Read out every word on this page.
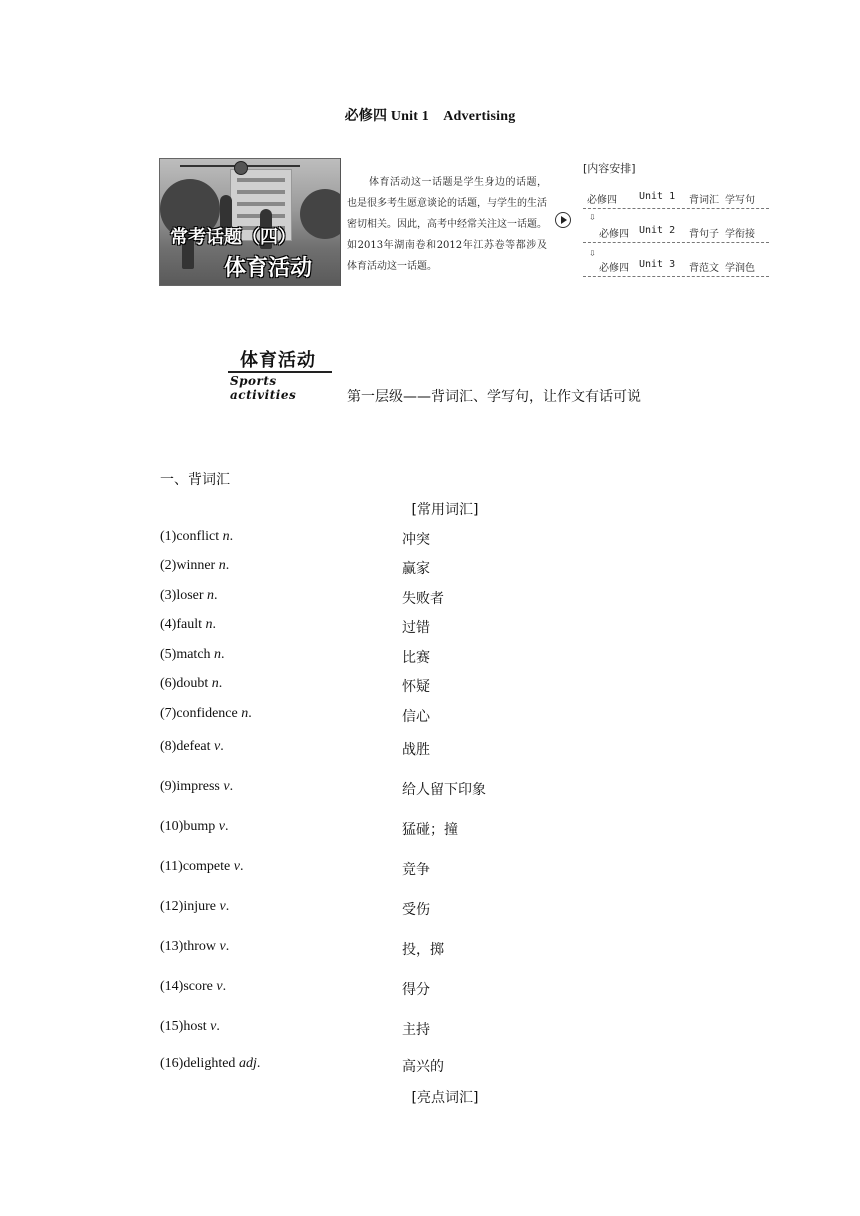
必修四 Unit 1　Advertising
常考话题（四）
体育活动
体育活动这一话题是学生身边的话题，也是很多考生愿意谈论的话题，与学生的生活密切相关。因此，高考中经常关注这一话题。如2013年湖南卷和2012年江苏卷等都涉及体育活动这一话题。
[内容安排]
必修四 Unit 1 背词汇 学写句
⇩
必修四 Unit 2 背句子 学衔接
⇩
必修四 Unit 3 背范文 学润色
体育活动
Sports activities	第一层级——背词汇、学写句，让作文有话可说
一、背词汇
[常用词汇]
(1)conflict n.	冲突
(2)winner n.	赢家
(3)loser n.	失败者
(4)fault n.	过错
(5)match n.	比赛
(6)doubt n.	怀疑
(7)confidence n.	信心
(8)defeat v.	战胜
(9)impress v.	给人留下印象
(10)bump v.	猛碰；撞
(11)compete v.	竞争
(12)injure v.	受伤
(13)throw v.	投，掷
(14)score v.	得分
(15)host v.	主持
(16)delighted adj.	高兴的
[亮点词汇]
